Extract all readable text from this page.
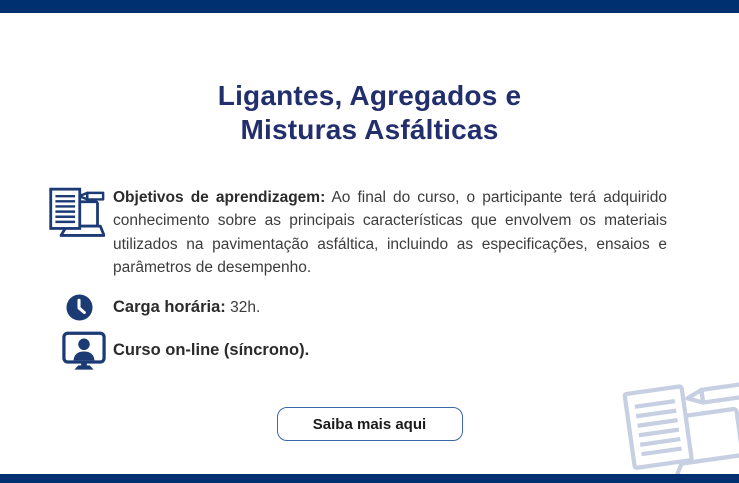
Ligantes, Agregados e
Misturas Asfálticas

Objetivos de aprendizagem: Ao final do curso, o participante terá adquirido conhecimento sobre as principais características que envolvem os materiais utilizados na pavimentação asfáltica, incluindo as especificações, ensaios e parâmetros de desempenho.

Carga horária: 32h.
Curso on-line (síncrono).
Saiba mais aqui
